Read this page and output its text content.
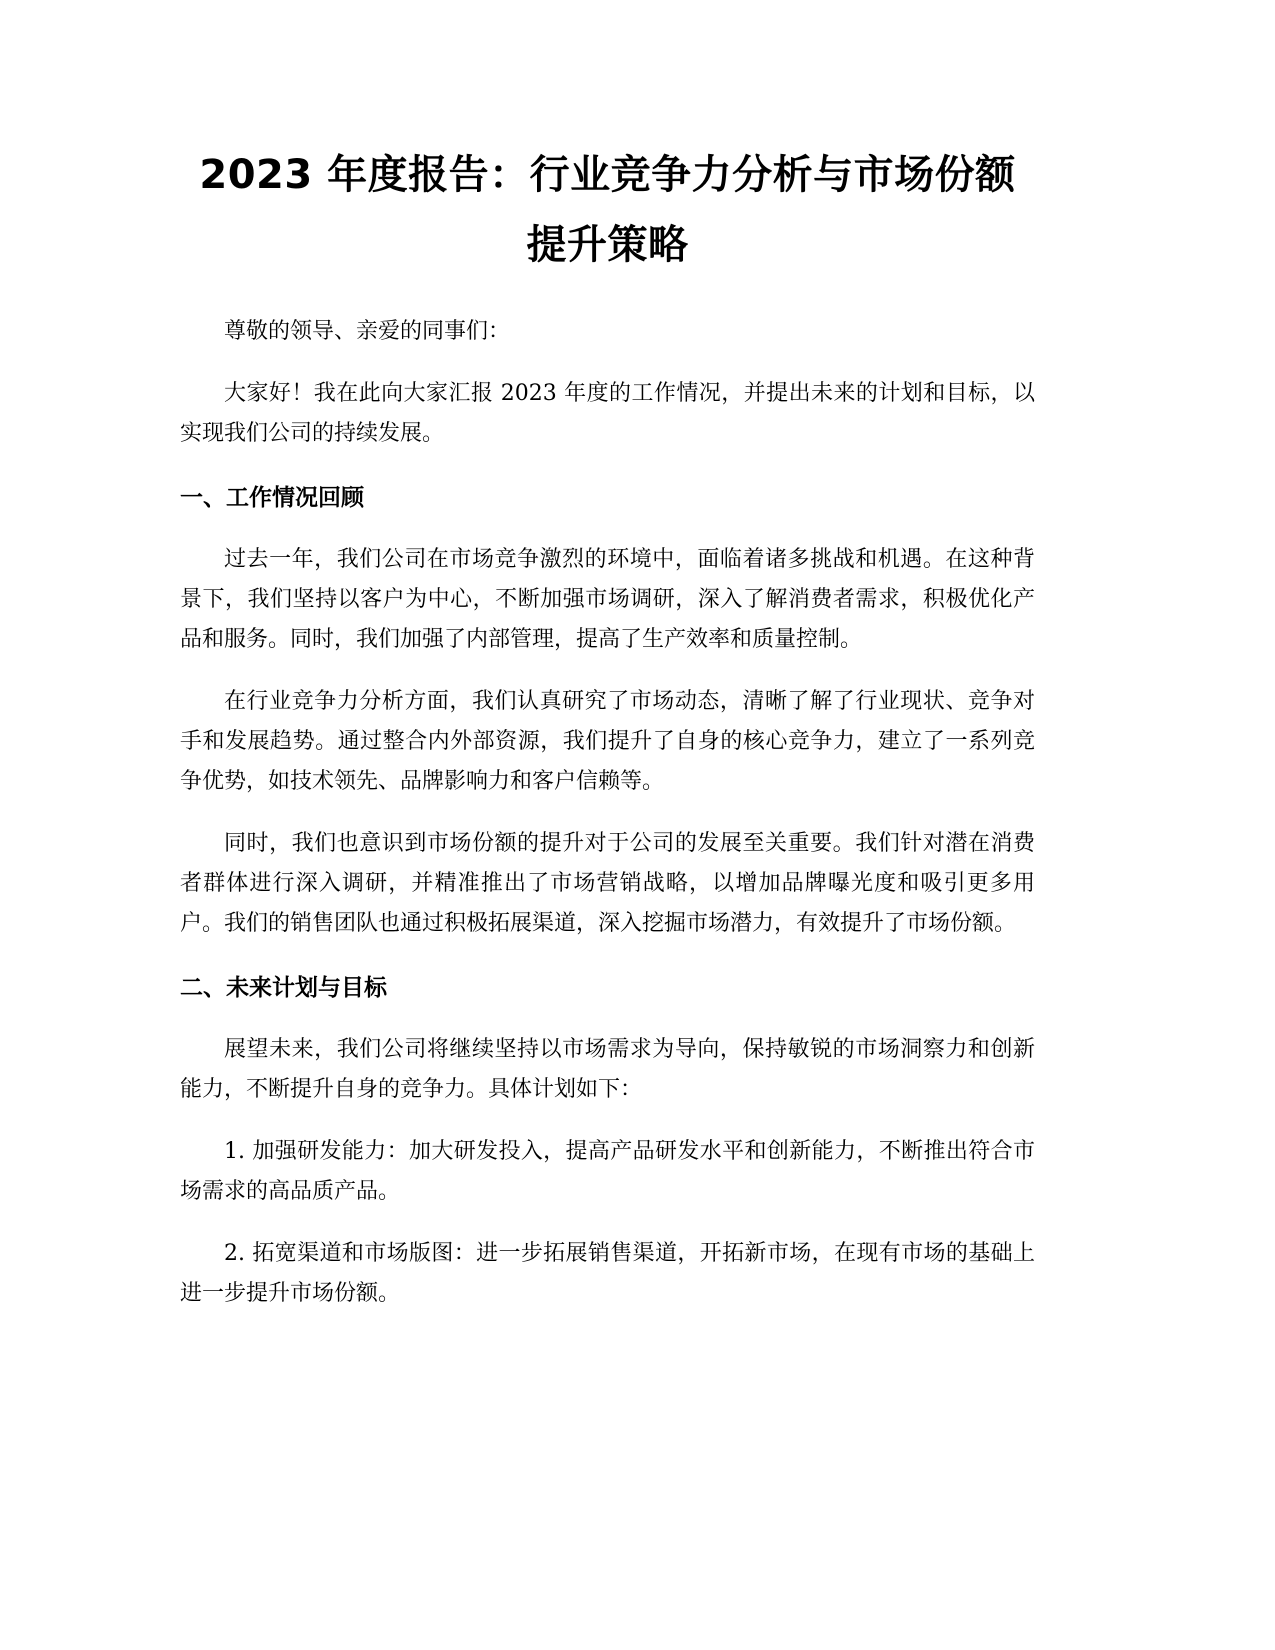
2023 年度报告：行业竞争力分析与市场份额
提升策略

尊敬的领导、亲爱的同事们：

大家好！我在此向大家汇报 2023 年度的工作情况，并提出未来的计划和目标，以实现我们公司的持续发展。

一、工作情况回顾

过去一年，我们公司在市场竞争激烈的环境中，面临着诸多挑战和机遇。在这种背景下，我们坚持以客户为中心，不断加强市场调研，深入了解消费者需求，积极优化产品和服务。同时，我们加强了内部管理，提高了生产效率和质量控制。

在行业竞争力分析方面，我们认真研究了市场动态，清晰了解了行业现状、竞争对手和发展趋势。通过整合内外部资源，我们提升了自身的核心竞争力，建立了一系列竞争优势，如技术领先、品牌影响力和客户信赖等。

同时，我们也意识到市场份额的提升对于公司的发展至关重要。我们针对潜在消费者群体进行深入调研，并精准推出了市场营销战略，以增加品牌曝光度和吸引更多用户。我们的销售团队也通过积极拓展渠道，深入挖掘市场潜力，有效提升了市场份额。

二、未来计划与目标

展望未来，我们公司将继续坚持以市场需求为导向，保持敏锐的市场洞察力和创新能力，不断提升自身的竞争力。具体计划如下：

1. 加强研发能力：加大研发投入，提高产品研发水平和创新能力，不断推出符合市场需求的高品质产品。

2. 拓宽渠道和市场版图：进一步拓展销售渠道，开拓新市场，在现有市场的基础上进一步提升市场份额。
